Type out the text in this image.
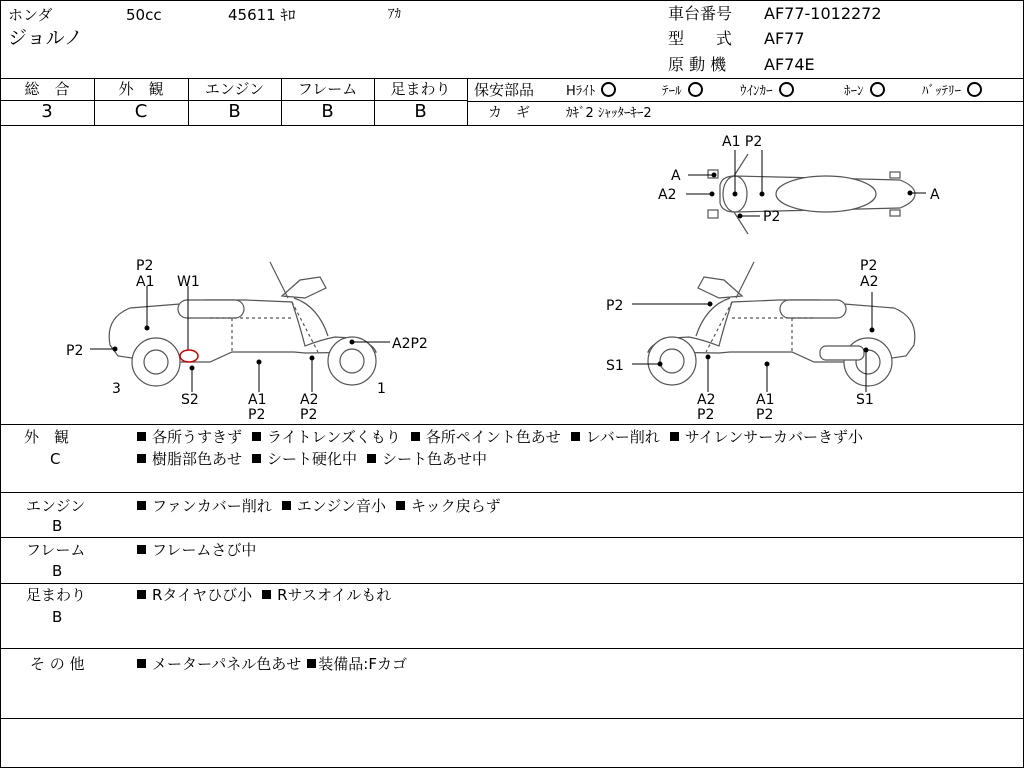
ホンダ	50cc	45611 ｷﾛ	ｱｶ
ジョルノ
車台番号 AF77-1012272
型　　式 AF77
原 動 機 AF74E
総　合	外　観	エンジン	フレーム	足まわり
3	C	B	B	B
保安部品 Hﾗｲﾄ	ﾃｰﾙ	ｳｲﾝｶｰ	ﾎｰﾝ	ﾊﾞｯﾃﾘｰ
カ　ギ	ｶｷﾞ2 ｼｬｯﾀｰｷｰ2
P2
A1 W1
P2	A2P2
3	1
S2	A1
P2
A2
P2
P2
A2
P2
S1
A2
P2
A1
P2
S1
A1 P2
A
A2	A
P2
外　観
C
各所うすきず ライトレンズくもり 各所ペイント色あせ レバー削れ サイレンサーカバーきず小
樹脂部色あせ シート硬化中 シート色あせ中
エンジン
B
ファンカバー削れ エンジン音小 キック戻らず
フレーム
B
フレームさび中
足まわり
B
Rタイヤひび小 Rサスオイルもれ
そ の 他	メーターパネル色あせ 装備品:Fカゴ
